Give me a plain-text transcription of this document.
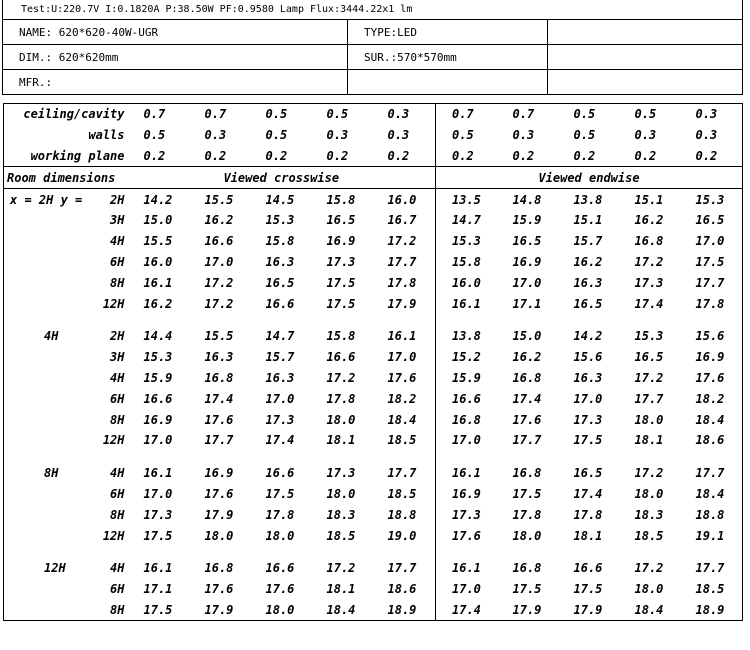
Test:U:220.7V I:0.1820A P:38.50W PF:0.9580 Lamp Flux:3444.22x1 lm		
NAME: 620*620-40W-UGR	TYPE:LED	
DIM.: 620*620mm	SUR.:570*570mm	
MFR.:		
ceiling/cavity		0.7	0.7	0.5	0.5	0.3	0.7	0.7	0.5	0.5	0.3
walls		0.5	0.3	0.5	0.3	0.3	0.5	0.3	0.5	0.3	0.3
working plane		0.2	0.2	0.2	0.2	0.2	0.2	0.2	0.2	0.2	0.2
Room dimensions		Viewed crosswise					Viewed endwise				
x = 2H y =	2H	14.2	15.5	14.5	15.8	16.0	13.5	14.8	13.8	15.1	15.3
	3H	15.0	16.2	15.3	16.5	16.7	14.7	15.9	15.1	16.2	16.5
	4H	15.5	16.6	15.8	16.9	17.2	15.3	16.5	15.7	16.8	17.0
	6H	16.0	17.0	16.3	17.3	17.7	15.8	16.9	16.2	17.2	17.5
	8H	16.1	17.2	16.5	17.5	17.8	16.0	17.0	16.3	17.3	17.7
	12H	16.2	17.2	16.6	17.5	17.9	16.1	17.1	16.5	17.4	17.8

4H	2H	14.4	15.5	14.7	15.8	16.1	13.8	15.0	14.2	15.3	15.6
	3H	15.3	16.3	15.7	16.6	17.0	15.2	16.2	15.6	16.5	16.9
	4H	15.9	16.8	16.3	17.2	17.6	15.9	16.8	16.3	17.2	17.6
	6H	16.6	17.4	17.0	17.8	18.2	16.6	17.4	17.0	17.7	18.2
	8H	16.9	17.6	17.3	18.0	18.4	16.8	17.6	17.3	18.0	18.4
	12H	17.0	17.7	17.4	18.1	18.5	17.0	17.7	17.5	18.1	18.6

8H	4H	16.1	16.9	16.6	17.3	17.7	16.1	16.8	16.5	17.2	17.7
	6H	17.0	17.6	17.5	18.0	18.5	16.9	17.5	17.4	18.0	18.4
	8H	17.3	17.9	17.8	18.3	18.8	17.3	17.8	17.8	18.3	18.8
	12H	17.5	18.0	18.0	18.5	19.0	17.6	18.0	18.1	18.5	19.1

12H	4H	16.1	16.8	16.6	17.2	17.7	16.1	16.8	16.6	17.2	17.7
	6H	17.1	17.6	17.6	18.1	18.6	17.0	17.5	17.5	18.0	18.5
	8H	17.5	17.9	18.0	18.4	18.9	17.4	17.9	17.9	18.4	18.9
